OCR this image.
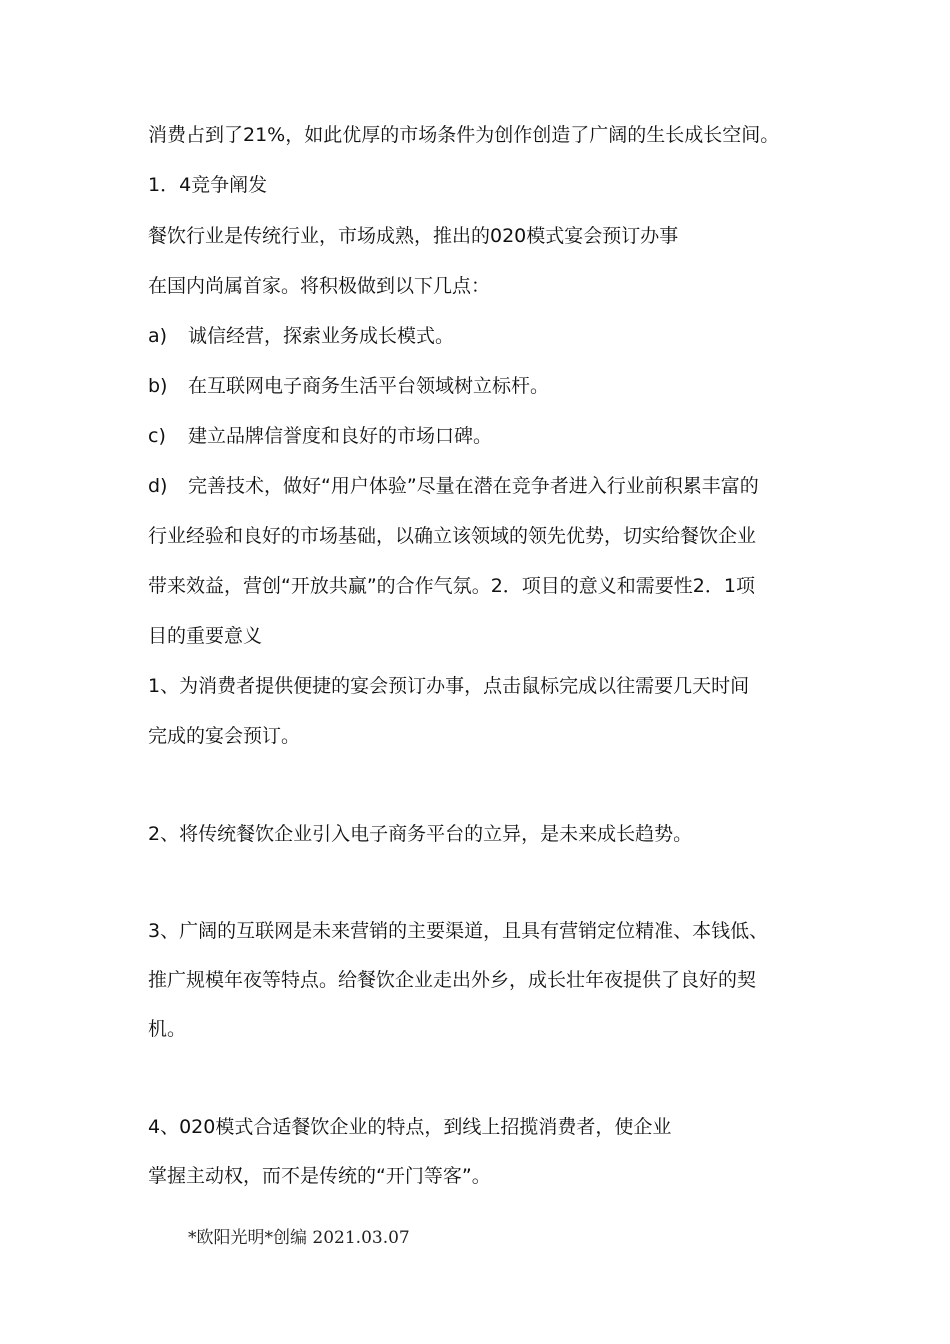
消费占到了21%，如此优厚的市场条件为创作创造了广阔的生长成长空间。
1．4竞争阐发
餐饮行业是传统行业，市场成熟，推出的020模式宴会预订办事
在国内尚属首家。将积极做到以下几点：
a) 诚信经营，探索业务成长模式。
b) 在互联网电子商务生活平台领域树立标杆。
c) 建立品牌信誉度和良好的市场口碑。
d) 完善技术，做好“用户体验”尽量在潜在竞争者进入行业前积累丰富的
行业经验和良好的市场基础，以确立该领域的领先优势，切实给餐饮企业
带来效益，营创“开放共赢”的合作气氛。2．项目的意义和需要性2．1项
目的重要意义
1、为消费者提供便捷的宴会预订办事，点击鼠标完成以往需要几天时间
完成的宴会预订。
2、将传统餐饮企业引入电子商务平台的立异，是未来成长趋势。
3、广阔的互联网是未来营销的主要渠道，且具有营销定位精准、本钱低、
推广规模年夜等特点。给餐饮企业走出外乡，成长壮年夜提供了良好的契
机。
4、020模式合适餐饮企业的特点，到线上招揽消费者，使企业
掌握主动权，而不是传统的“开门等客”。
*欧阳光明*创编 2021.03.07
